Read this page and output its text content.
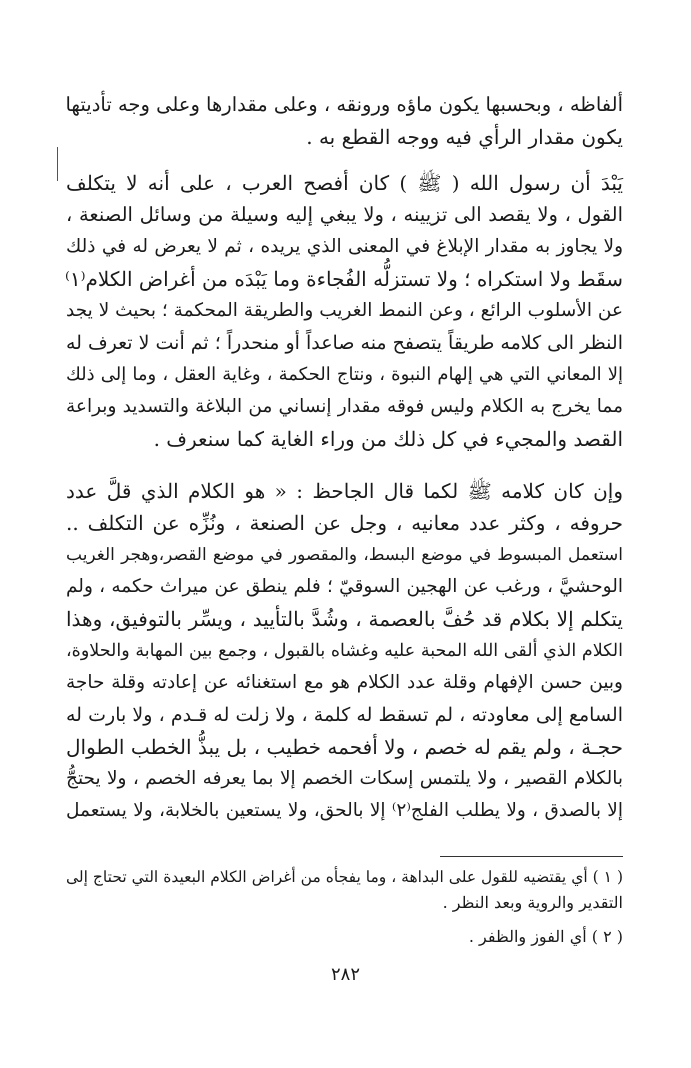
ألفاظه ، وبحسبها يكون ماؤه ورونقه ، وعلى مقدارها وعلى وجه تأديتها
يكون مقدار الرأي فيه ووجه القطع به .
يَبْدَ أن رسول الله ( ﷺ ) كان أفصح العرب ، على أنه لا يتكلف
القول ، ولا يقصد الى تزيينه ، ولا يبغي إليه وسيلة من وسائل الصنعة ،
ولا يجاوز به مقدار الإبلاغ في المعنى الذي يريده ، ثم لا يعرض له في ذلك
سقَط ولا استكراه ؛ ولا تستزلُّه الفُجاءة وما يَبْدَه من أغراض الكلام⁽١⁾
عن الأسلوب الرائع ، وعن النمط الغريب والطريقة المحكمة ؛ بحيث لا يجد
النظر الى كلامه طريقاً يتصفح منه صاعداً أو منحدراً ؛ ثم أنت لا تعرف له
إلا المعاني التي هي إلهام النبوة ، ونتاج الحكمة ، وغاية العقل ، وما إلى ذلك
مما يخرج به الكلام وليس فوقه مقدار إنساني من البلاغة والتسديد وبراعة
القصد والمجيء في كل ذلك من وراء الغاية كما سنعرف .
وإن كان كلامه ﷺ لكما قال الجاحظ : « هو الكلام الذي قلَّ عدد
حروفه ، وكثر عدد معانيه ، وجل عن الصنعة ، ونُزِّه عن التكلف ..
استعمل المبسوط في موضع البسط، والمقصور في موضع القصر،وهجر الغريب
الوحشيَّ ، ورغب عن الهجين السوقيّ ؛ فلم ينطق عن ميراث حكمه ، ولم
يتكلم إلا بكلام قد حُفَّ بالعصمة ، وشُدَّ بالتأييد ، ويسِّر بالتوفيق، وهذا
الكلام الذي ألقى الله المحبة عليه وغشاه بالقبول ، وجمع بين المهابة والحلاوة،
وبين حسن الإفهام وقلة عدد الكلام هو مع استغنائه عن إعادته وقلة حاجة
السامع إلى معاودته ، لم تسقط له كلمة ، ولا زلت له قـدم ، ولا بارت له
حجـة ، ولم يقم له خصم ، ولا أفحمه خطيب ، بل يبذُّ الخطب الطوال
بالكلام القصير ، ولا يلتمس إسكات الخصم إلا بما يعرفه الخصم ، ولا يحتجُّ
إلا بالصدق ، ولا يطلب الفلج⁽٢⁾ إلا بالحق، ولا يستعين بالخلابة، ولا يستعمل
( ١ ) أي يقتضيه للقول على البداهة ، وما يفجأه من أغراض الكلام البعيدة التي تحتاج إلى
التقدير والروية وبعد النظر .
( ٢ ) أي الفوز والظفر .
٢٨٢
